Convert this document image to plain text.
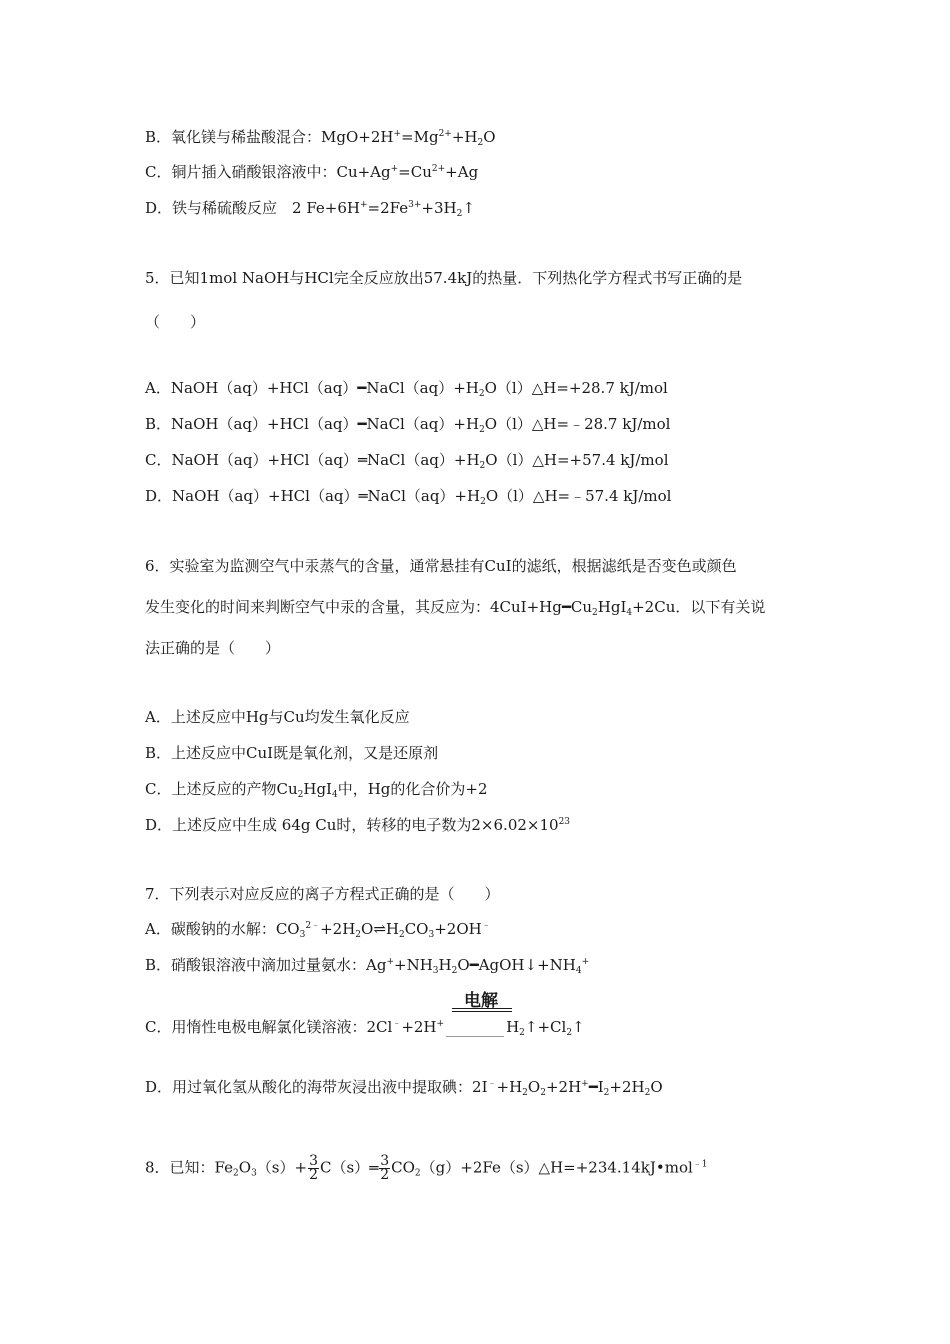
B．氧化镁与稀盐酸混合：$MgO+2H^+=Mg^{2+}+H_2O$
C．铜片插入硝酸银溶液中：$Cu+Ag^+=Cu^{2+}+Ag$
D．铁与稀硫酸反应　2 $Fe+6H^+=2Fe^{3+}+3H_2↑$
5．已知1mol NaOH与HCl完全反应放出57.4kJ的热量．下列热化学方程式书写正确的是
（　　）
A．$NaOH(aq)+HCl(aq)━NaCl(aq)+H_2O(l)\triangle H=+28.7$ kJ/mol
B．$NaOH(aq)+HCl(aq)━NaCl(aq)+H_2O(l)\triangle H=﹣28.7$ kJ/mol
C．$NaOH(aq)+HCl(aq)═NaCl(aq)+H_2O(l)\triangle H=+57.4$ kJ/mol
D．$NaOH(aq)+HCl(aq)═NaCl(aq)+H_2O(l)\triangle H=﹣57.4$ kJ/mol
6．实验室为监测空气中汞蒸气的含量，通常悬挂有CuI的滤纸，根据滤纸是否变色或颜色
发生变化的时间来判断空气中汞的含量，其反应为：$4CuI+Hg━Cu_2HgI_4+2Cu$．以下有关说
法正确的是（　　）
A．上述反应中Hg与Cu均发生氧化反应
B．上述反应中CuI既是氧化剂，又是还原剂
C．上述反应的产物$Cu_2HgI_4$中，Hg的化合价为+2
D．上述反应中生成 64g Cu时，转移的电子数为$2\times 6.02\times 10^{23}$
7．下列表示对应反应的离子方程式正确的是（　　）
A．碳酸钠的水解：$CO_3^{2﹣}+2H_2O\rightleftharpoons H_2CO_3+2OH^﹣$
B．硝酸银溶液中滴加过量氨水：$Ag^++NH_3H_2O━AgOH↓+NH_4^+$
电解
C．用惰性电极电解氯化镁溶液：2Cl﹣+2H+	$H_2↑+Cl_2↑$
D．用过氧化氢从酸化的海带灰浸出液中提取碘：$2I^﹣+H_2O_2+2H^+━I_2+2H_2O$
8．已知：$Fe_2O_3(s)+ \frac{3}{2}$ C（s）═ $\frac{3}{2}$ $CO_2(g)+2Fe(s)\triangle H=+234.14kJ•mol^{﹣1}$
